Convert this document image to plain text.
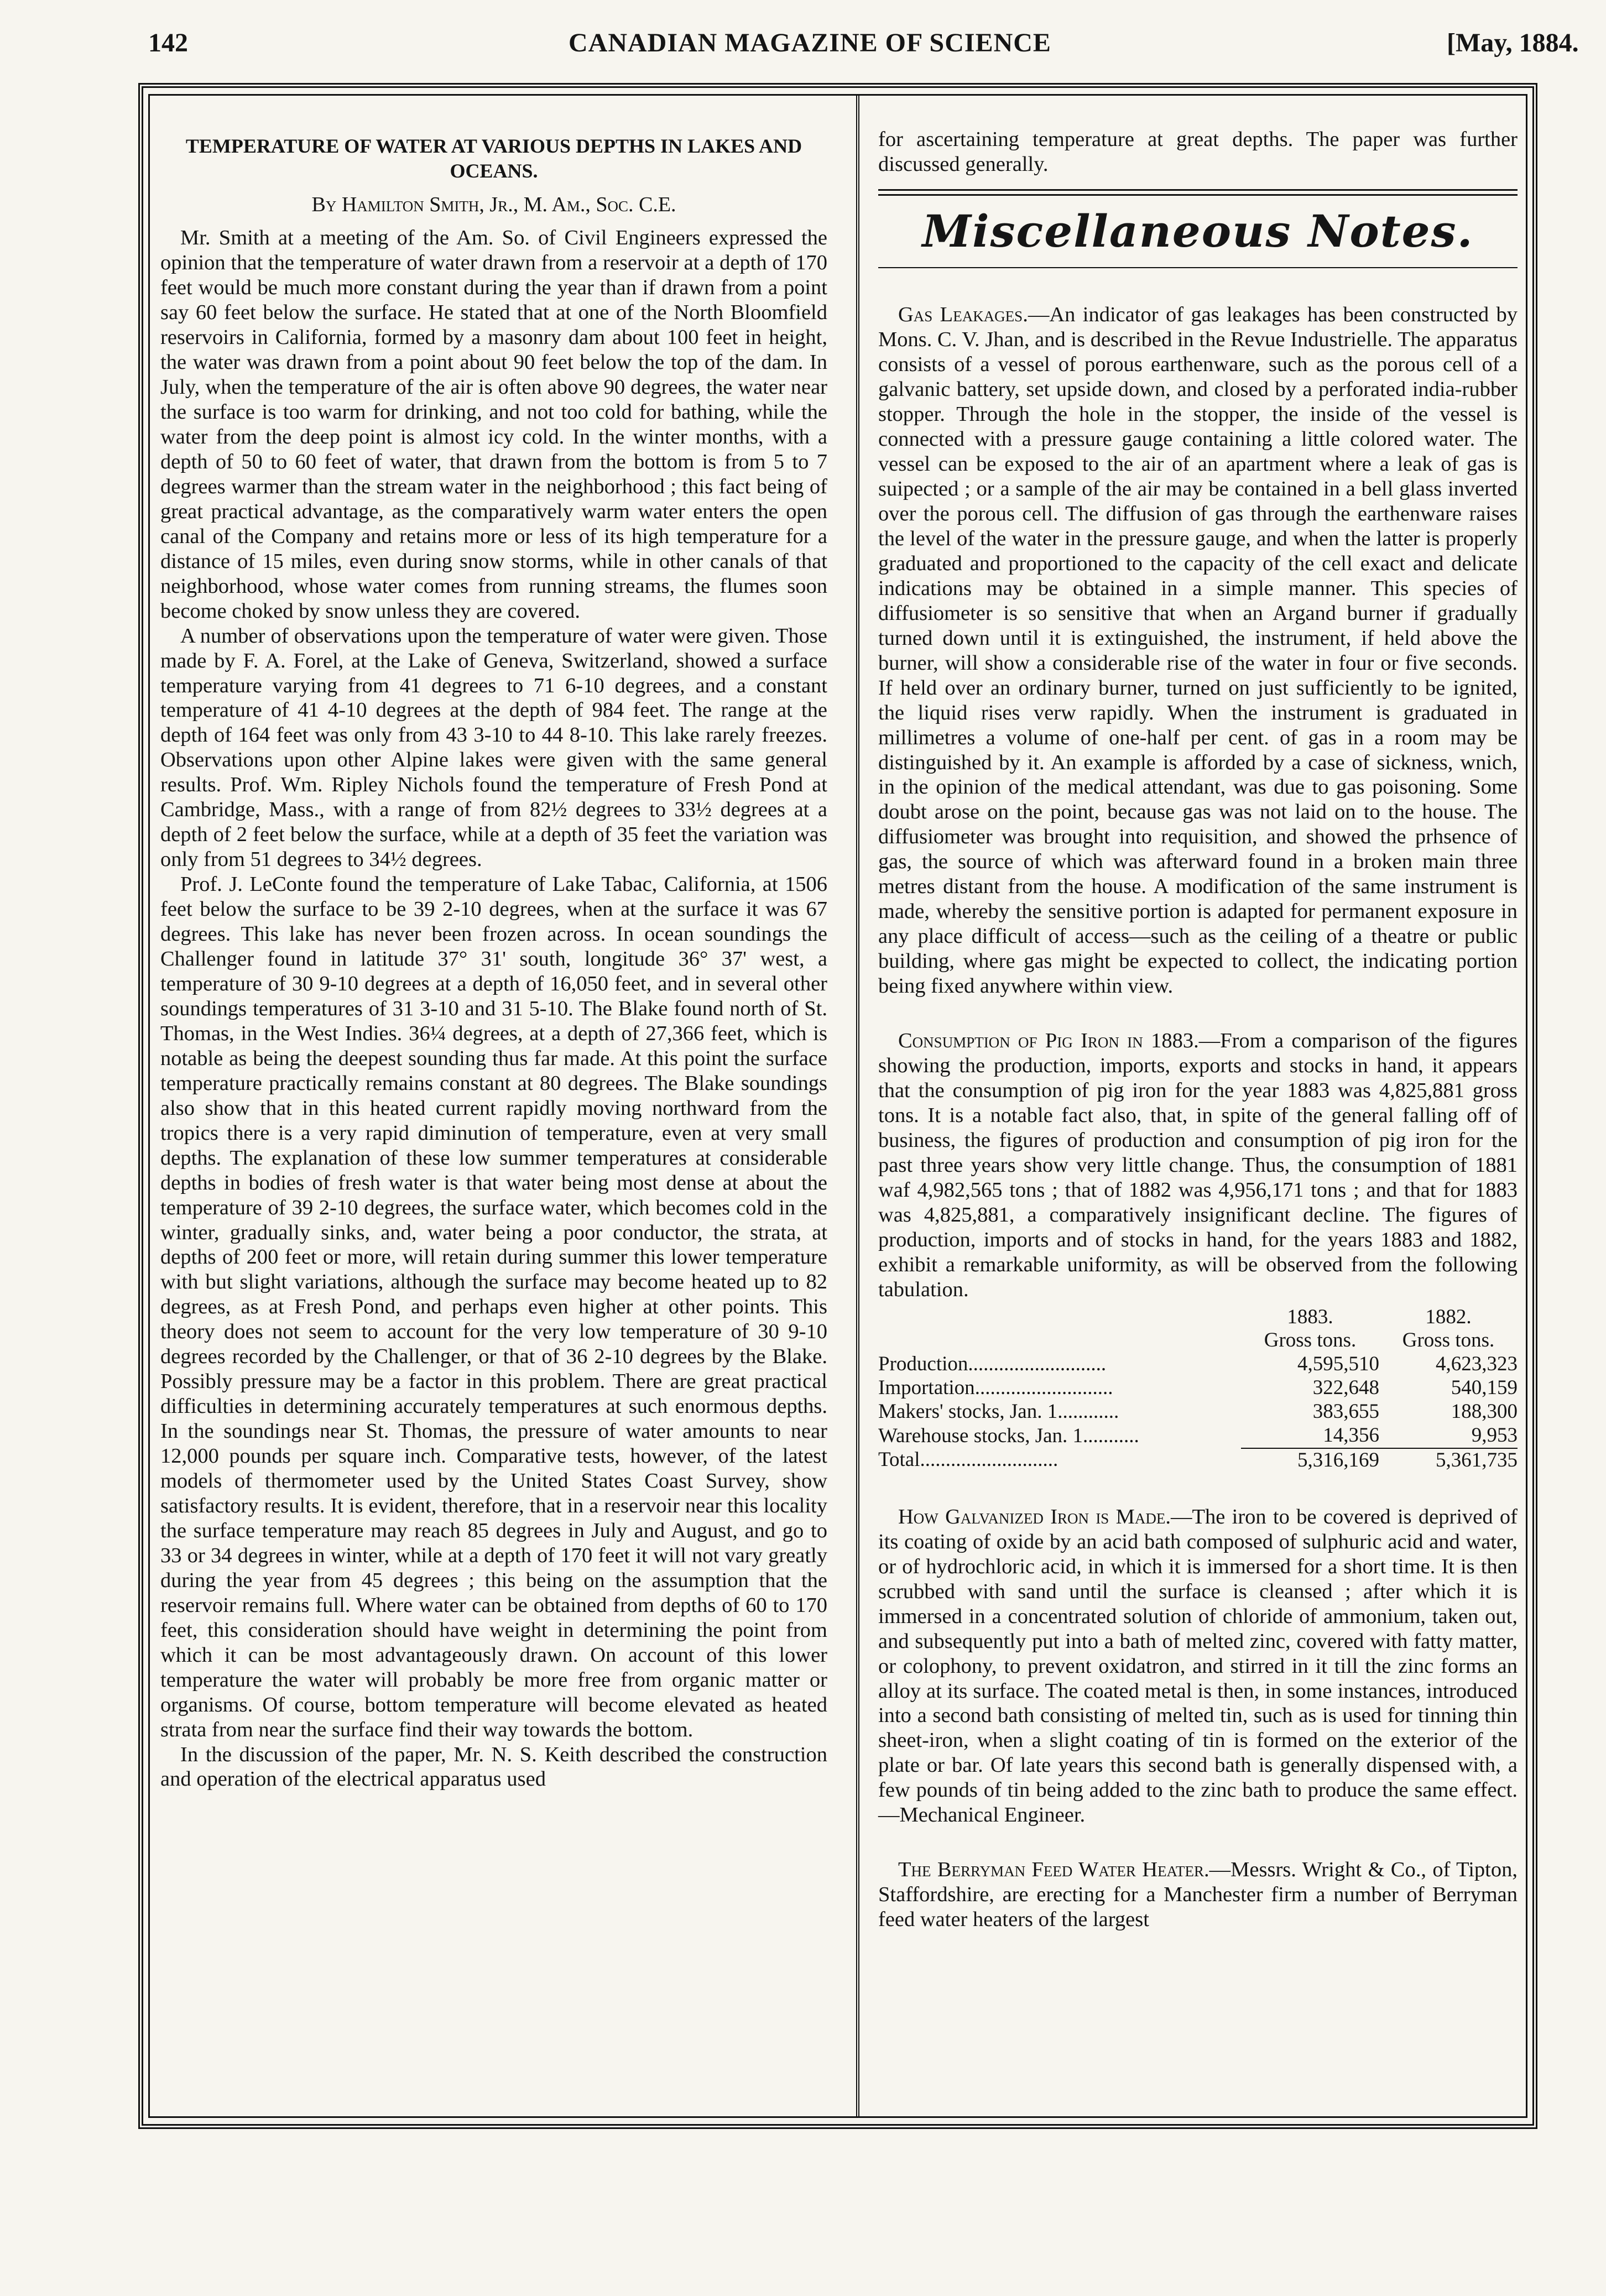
142	CANADIAN MAGAZINE OF SCIENCE	[May, 1884.
TEMPERATURE OF WATER AT VARIOUS DEPTHS IN LAKES AND OCEANS.
By Hamilton Smith, Jr., M. Am., Soc. C.E.

Mr. Smith at a meeting of the Am. So. of Civil Engineers expressed the opinion that the temperature of water drawn from a reservoir at a depth of 170 feet would be much more constant during the year than if drawn from a point say 60 feet below the surface. He stated that at one of the North Bloomfield reservoirs in California, formed by a masonry dam about 100 feet in height, the water was drawn from a point about 90 feet below the top of the dam. In July, when the temperature of the air is often above 90 degrees, the water near the surface is too warm for drinking, and not too cold for bathing, while the water from the deep point is almost icy cold. In the winter months, with a depth of 50 to 60 feet of water, that drawn from the bottom is from 5 to 7 degrees warmer than the stream water in the neighborhood ; this fact being of great practical advantage, as the comparatively warm water enters the open canal of the Company and retains more or less of its high temperature for a distance of 15 miles, even during snow storms, while in other canals of that neighborhood, whose water comes from running streams, the flumes soon become choked by snow unless they are covered.

A number of observations upon the temperature of water were given. Those made by F. A. Forel, at the Lake of Geneva, Switzerland, showed a surface temperature varying from 41 degrees to 71 6-10 degrees, and a constant temperature of 41 4-10 degrees at the depth of 984 feet. The range at the depth of 164 feet was only from 43 3-10 to 44 8-10. This lake rarely freezes. Observations upon other Alpine lakes were given with the same general results. Prof. Wm. Ripley Nichols found the temperature of Fresh Pond at Cambridge, Mass., with a range of from 82½ degrees to 33½ degrees at a depth of 2 feet below the surface, while at a depth of 35 feet the variation was only from 51 degrees to 34½ degrees.

Prof. J. LeConte found the temperature of Lake Tabac, California, at 1506 feet below the surface to be 39 2-10 degrees, when at the surface it was 67 degrees. This lake has never been frozen across. In ocean soundings the Challenger found in latitude 37° 31' south, longitude 36° 37' west, a temperature of 30 9-10 degrees at a depth of 16,050 feet, and in several other soundings temperatures of 31 3-10 and 31 5-10. The Blake found north of St. Thomas, in the West Indies. 36¼ degrees, at a depth of 27,366 feet, which is notable as being the deepest sounding thus far made. At this point the surface temperature practically remains constant at 80 degrees. The Blake soundings also show that in this heated current rapidly moving northward from the tropics there is a very rapid diminution of temperature, even at very small depths. The explanation of these low summer temperatures at considerable depths in bodies of fresh water is that water being most dense at about the temperature of 39 2-10 degrees, the surface water, which becomes cold in the winter, gradually sinks, and, water being a poor conductor, the strata, at depths of 200 feet or more, will retain during summer this lower temperature with but slight variations, although the surface may become heated up to 82 degrees, as at Fresh Pond, and perhaps even higher at other points. This theory does not seem to account for the very low temperature of 30 9-10 degrees recorded by the Challenger, or that of 36 2-10 degrees by the Blake. Possibly pressure may be a factor in this problem. There are great practical difficulties in determining accurately temperatures at such enormous depths. In the soundings near St. Thomas, the pressure of water amounts to near 12,000 pounds per square inch. Comparative tests, however, of the latest models of thermometer used by the United States Coast Survey, show satisfactory results. It is evident, therefore, that in a reservoir near this locality the surface temperature may reach 85 degrees in July and August, and go to 33 or 34 degrees in winter, while at a depth of 170 feet it will not vary greatly during the year from 45 degrees ; this being on the assumption that the reservoir remains full. Where water can be obtained from depths of 60 to 170 feet, this consideration should have weight in determining the point from which it can be most advantageously drawn. On account of this lower temperature the water will probably be more free from organic matter or organisms. Of course, bottom temperature will become elevated as heated strata from near the surface find their way towards the bottom.

In the discussion of the paper, Mr. N. S. Keith described the construction and operation of the electrical apparatus used

for ascertaining temperature at great depths. The paper was further discussed generally.

Miscellaneous Notes.

Gas Leakages.—An indicator of gas leakages has been constructed by Mons. C. V. Jhan, and is described in the Revue Industrielle. The apparatus consists of a vessel of porous earthenware, such as the porous cell of a galvanic battery, set upside down, and closed by a perforated india-rubber stopper. Through the hole in the stopper, the inside of the vessel is connected with a pressure gauge containing a little colored water. The vessel can be exposed to the air of an apartment where a leak of gas is suipected ; or a sample of the air may be contained in a bell glass inverted over the porous cell. The diffusion of gas through the earthenware raises the level of the water in the pressure gauge, and when the latter is properly graduated and proportioned to the capacity of the cell exact and delicate indications may be obtained in a simple manner. This species of diffusiometer is so sensitive that when an Argand burner if gradually turned down until it is extinguished, the instrument, if held above the burner, will show a considerable rise of the water in four or five seconds. If held over an ordinary burner, turned on just sufficiently to be ignited, the liquid rises verw rapidly. When the instrument is graduated in millimetres a volume of one-half per cent. of gas in a room may be distinguished by it. An example is afforded by a case of sickness, wnich, in the opinion of the medical attendant, was due to gas poisoning. Some doubt arose on the point, because gas was not laid on to the house. The diffusiometer was brought into requisition, and showed the prhsence of gas, the source of which was afterward found in a broken main three metres distant from the house. A modification of the same instrument is made, whereby the sensitive portion is adapted for permanent exposure in any place difficult of access—such as the ceiling of a theatre or public building, where gas might be expected to collect, the indicating portion being fixed anywhere within view.

Consumption of Pig Iron in 1883.—From a comparison of the figures showing the production, imports, exports and stocks in hand, it appears that the consumption of pig iron for the year 1883 was 4,825,881 gross tons. It is a notable fact also, that, in spite of the general falling off of business, the figures of production and consumption of pig iron for the past three years show very little change. Thus, the consumption of 1881 waf 4,982,565 tons ; that of 1882 was 4,956,171 tons ; and that for 1883 was 4,825,881, a comparatively insignificant decline. The figures of production, imports and of stocks in hand, for the years 1883 and 1882, exhibit a remarkable uniformity, as will be observed from the following tabulation.

	1883.	1882.
	Gross tons.	Gross tons.
Production...........................	4,595,510	4,623,323
Importation...........................	322,648	540,159
Makers' stocks, Jan. 1............	383,655	188,300
Warehouse stocks, Jan. 1...........	14,356	9,953
Total...........................	5,316,169	5,361,735

How Galvanized Iron is Made.—The iron to be covered is deprived of its coating of oxide by an acid bath composed of sulphuric acid and water, or of hydrochloric acid, in which it is immersed for a short time. It is then scrubbed with sand until the surface is cleansed ; after which it is immersed in a concentrated solution of chloride of ammonium, taken out, and subsequently put into a bath of melted zinc, covered with fatty matter, or colophony, to prevent oxidatron, and stirred in it till the zinc forms an alloy at its surface. The coated metal is then, in some instances, introduced into a second bath consisting of melted tin, such as is used for tinning thin sheet-iron, when a slight coating of tin is formed on the exterior of the plate or bar. Of late years this second bath is generally dispensed with, a few pounds of tin being added to the zinc bath to produce the same effect.—Mechanical Engineer.

The Berryman Feed Water Heater.—Messrs. Wright & Co., of Tipton, Staffordshire, are erecting for a Manchester firm a number of Berryman feed water heaters of the largest
